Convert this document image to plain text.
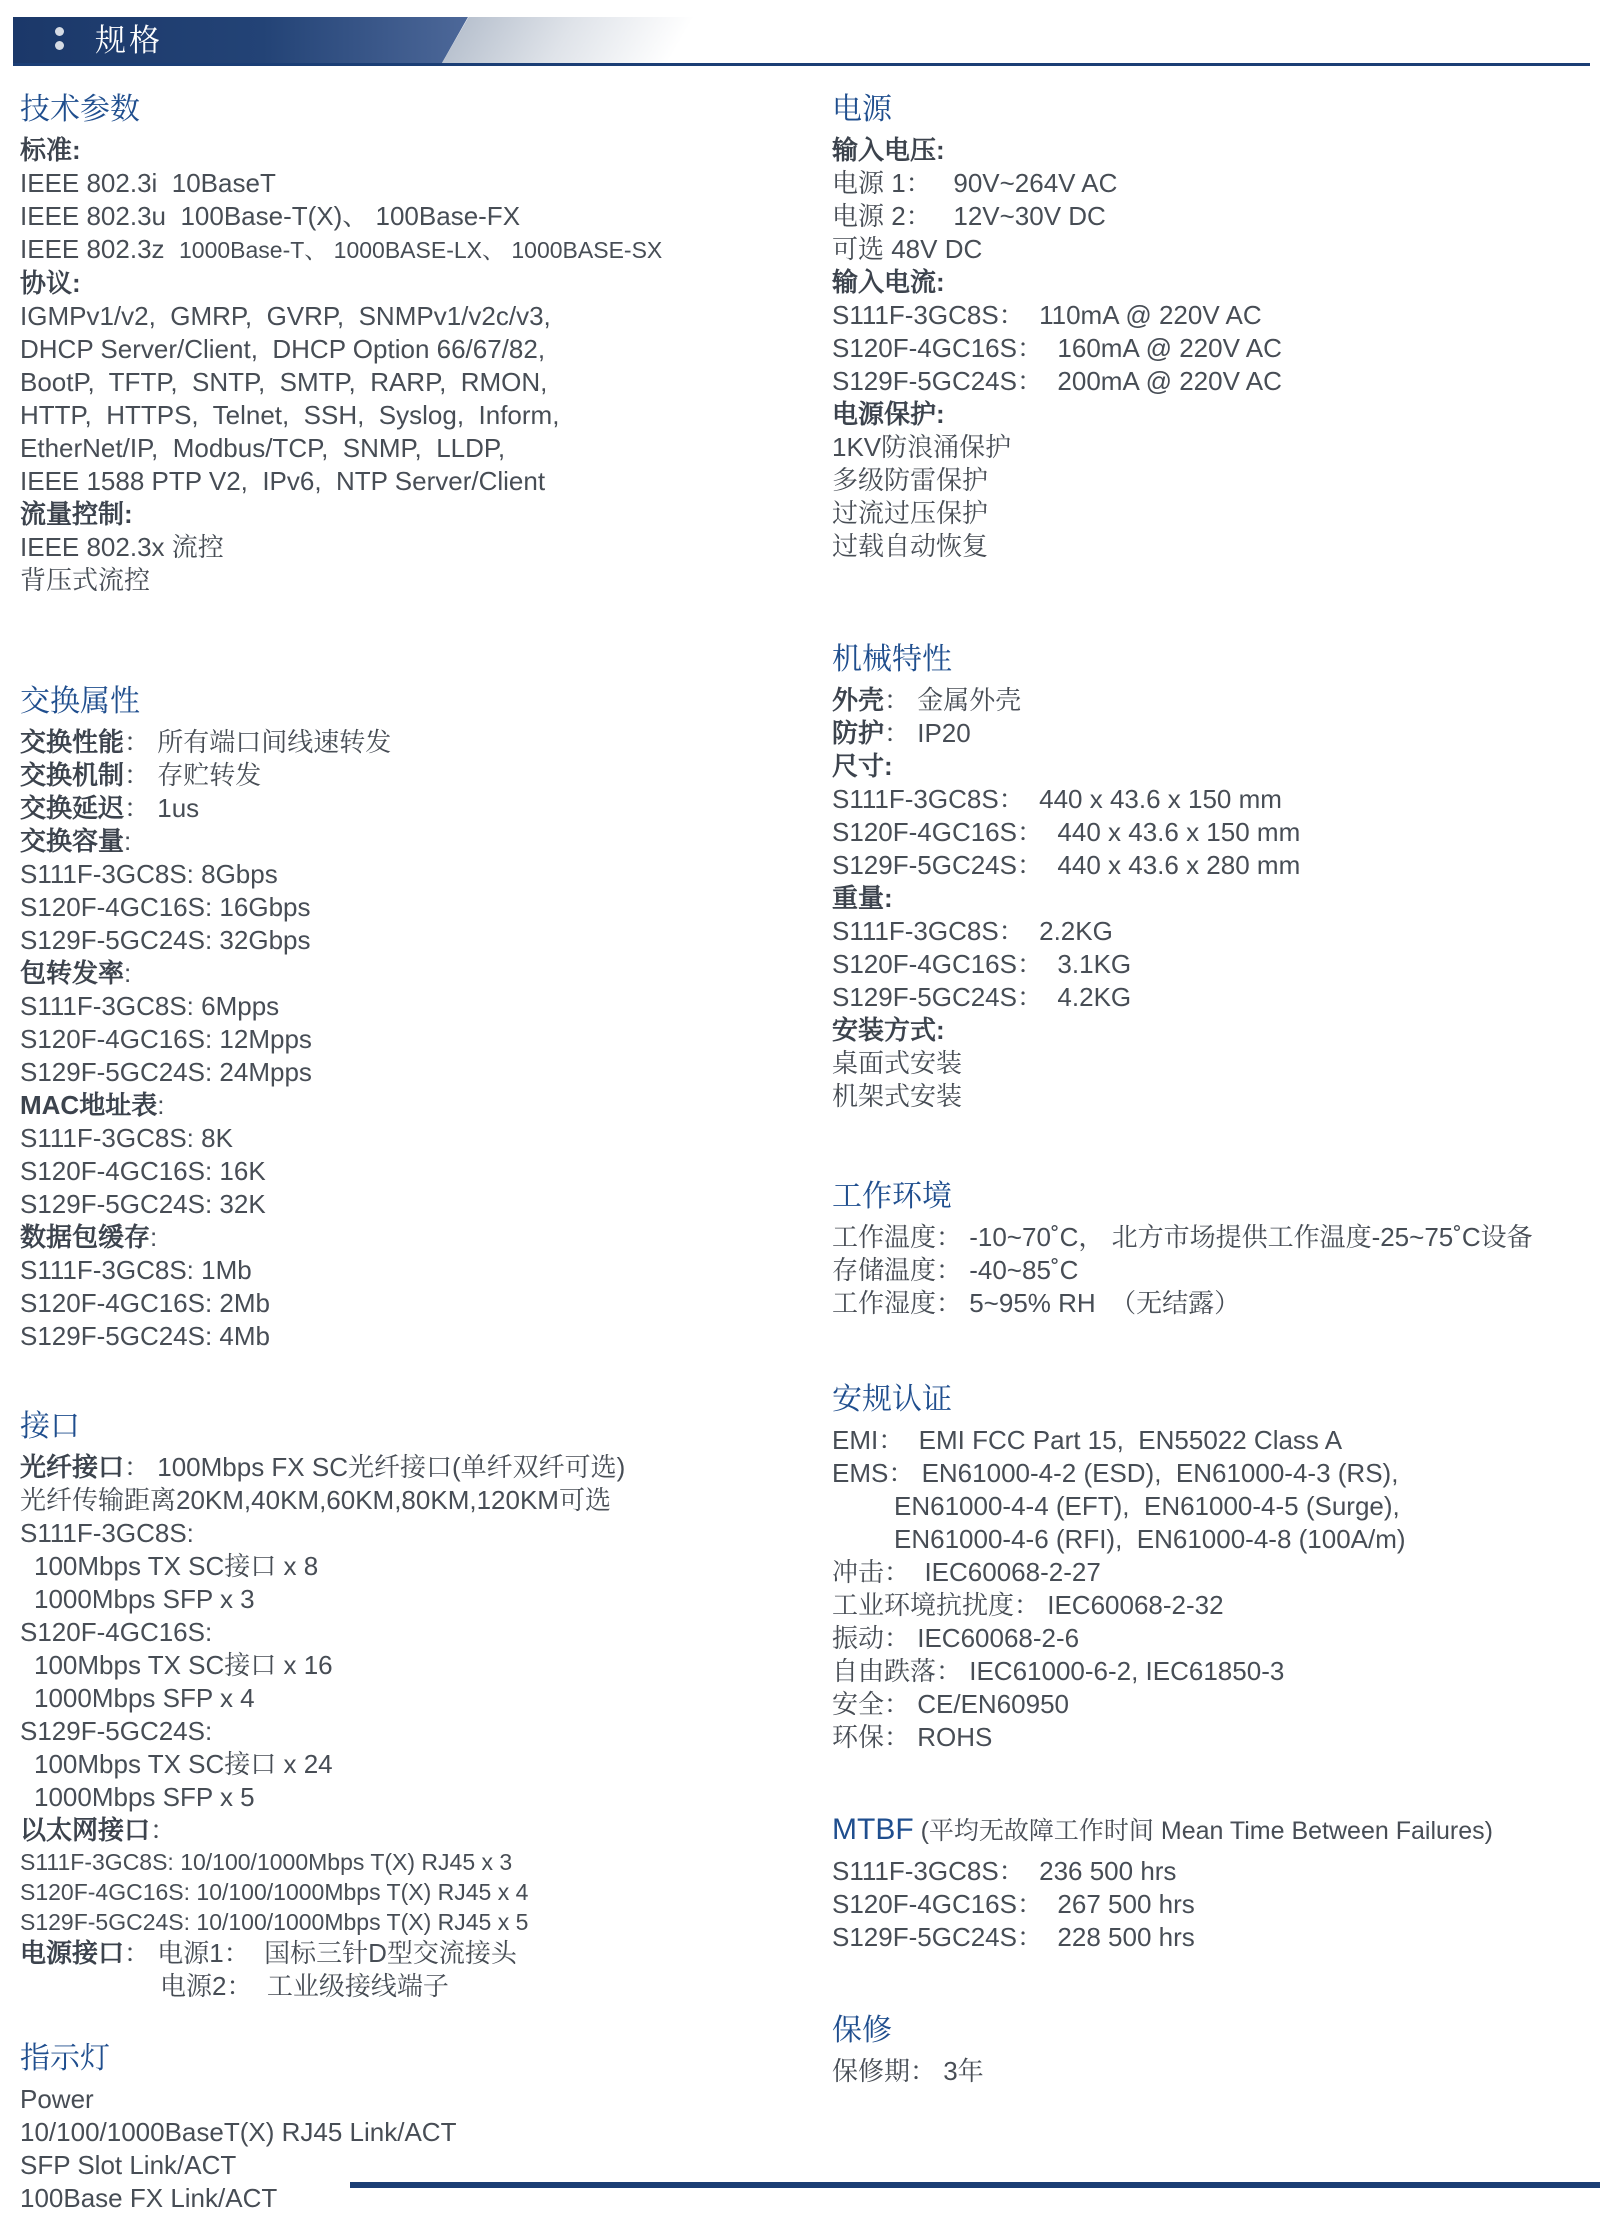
规格
技术参数
标准:
IEEE 802.3i  10BaseT
IEEE 802.3u  100Base-T(X)、 100Base-FX
IEEE 802.3z  1000Base-T、 1000BASE-LX、 1000BASE-SX
协议:
IGMPv1/v2,  GMRP,  GVRP,  SNMPv1/v2c/v3,
DHCP Server/Client,  DHCP Option 66/67/82,
BootP,  TFTP,  SNTP,  SMTP,  RARP,  RMON,
HTTP,  HTTPS,  Telnet,  SSH,  Syslog,  Inform,
EtherNet/IP,  Modbus/TCP,  SNMP,  LLDP,
IEEE 1588 PTP V2,  IPv6,  NTP Server/Client
流量控制:
IEEE 802.3x 流控
背压式流控
交换属性
交换性能： 所有端口间线速转发
交换机制： 存贮转发
交换延迟： 1us
交换容量:
S111F-3GC8S: 8Gbps
S120F-4GC16S: 16Gbps
S129F-5GC24S: 32Gbps
包转发率:
S111F-3GC8S: 6Mpps
S120F-4GC16S: 12Mpps
S129F-5GC24S: 24Mpps
MAC地址表:
S111F-3GC8S: 8K
S120F-4GC16S: 16K
S129F-5GC24S: 32K
数据包缓存:
S111F-3GC8S: 1Mb
S120F-4GC16S: 2Mb
S129F-5GC24S: 4Mb
接口
光纤接口： 100Mbps FX SC光纤接口(单纤双纤可选)
光纤传输距离20KM,40KM,60KM,80KM,120KM可选
S111F-3GC8S:
100Mbps TX SC接口 x 8
1000Mbps SFP x 3
S120F-4GC16S:
100Mbps TX SC接口 x 16
1000Mbps SFP x 4
S129F-5GC24S:
100Mbps TX SC接口 x 24
1000Mbps SFP x 5
以太网接口：
S111F-3GC8S: 10/100/1000Mbps T(X) RJ45 x 3
S120F-4GC16S: 10/100/1000Mbps T(X) RJ45 x 4
S129F-5GC24S: 10/100/1000Mbps T(X) RJ45 x 5
电源接口： 电源1：  国标三针D型交流接头
电源2：  工业级接线端子
指示灯
Power
10/100/1000BaseT(X) RJ45 Link/ACT
SFP Slot Link/ACT
100Base FX Link/ACT
电源
输入电压:
电源 1：   90V~264V AC
电源 2：   12V~30V DC
可选 48V DC
输入电流:
S111F-3GC8S：  110mA @ 220V AC
S120F-4GC16S：  160mA @ 220V AC
S129F-5GC24S：  200mA @ 220V AC
电源保护:
1KV防浪涌保护
多级防雷保护
过流过压保护
过载自动恢复
机械特性
外壳： 金属外壳
防护： IP20
尺寸:
S111F-3GC8S：  440 x 43.6 x 150 mm
S120F-4GC16S：  440 x 43.6 x 150 mm
S129F-5GC24S：  440 x 43.6 x 280 mm
重量:
S111F-3GC8S：  2.2KG
S120F-4GC16S：  3.1KG
S129F-5GC24S：  4.2KG
安装方式:
桌面式安装
机架式安装
工作环境
工作温度： -10~70˚C， 北方市场提供工作温度-25~75˚C设备
存储温度： -40~85˚C
工作湿度： 5~95% RH  （无结露）
安规认证
EMI：  EMI FCC Part 15,  EN55022 Class A
EMS： EN61000-4-2 (ESD),  EN61000-4-3 (RS),
EN61000-4-4 (EFT),  EN61000-4-5 (Surge),
EN61000-4-6 (RFI),  EN61000-4-8 (100A/m)
冲击：  IEC60068-2-27
工业环境抗扰度： IEC60068-2-32
振动： IEC60068-2-6
自由跌落： IEC61000-6-2, IEC61850-3
安全： CE/EN60950
环保： ROHS
MTBF (平均无故障工作时间 Mean Time Between Failures)
S111F-3GC8S：  236 500 hrs
S120F-4GC16S：  267 500 hrs
S129F-5GC24S：  228 500 hrs
保修
保修期： 3年
